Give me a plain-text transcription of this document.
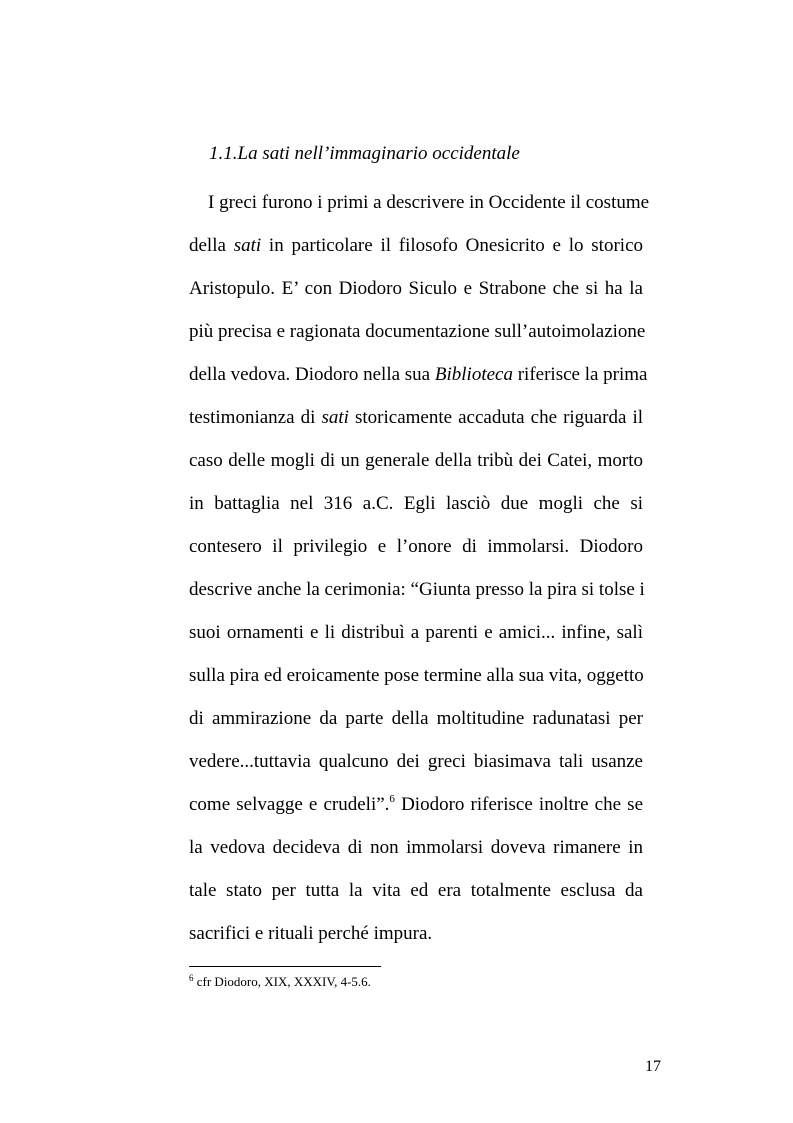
1.1.La sati nell’immaginario occidentale
I greci furono i primi a descrivere in Occidente il costume
della sati in particolare il filosofo Onesicrito e lo storico
Aristopulo. E’ con Diodoro Siculo e Strabone che si ha la
più precisa e ragionata documentazione sull’autoimolazione
della vedova. Diodoro nella sua Biblioteca riferisce la prima
testimonianza di sati storicamente accaduta che riguarda il
caso delle mogli di un generale della tribù dei Catei, morto
in battaglia nel 316 a.C. Egli lasciò due mogli che si
contesero il privilegio e l’onore di immolarsi. Diodoro
descrive anche la cerimonia: “Giunta presso la pira si tolse i
suoi ornamenti e li distribuì a parenti e amici... infine, salì
sulla pira ed eroicamente pose termine alla sua vita, oggetto
di ammirazione da parte della moltitudine radunatasi per
vedere...tuttavia qualcuno dei greci biasimava tali usanze
come selvagge e crudeli”.$^6$ Diodoro riferisce inoltre che se
la vedova decideva di non immolarsi doveva rimanere in
tale stato per tutta la vita ed era totalmente esclusa da
sacrifici e rituali perché impura.
$^6$ cfr Diodoro, XIX, XXXIV, 4-5.6.
17
